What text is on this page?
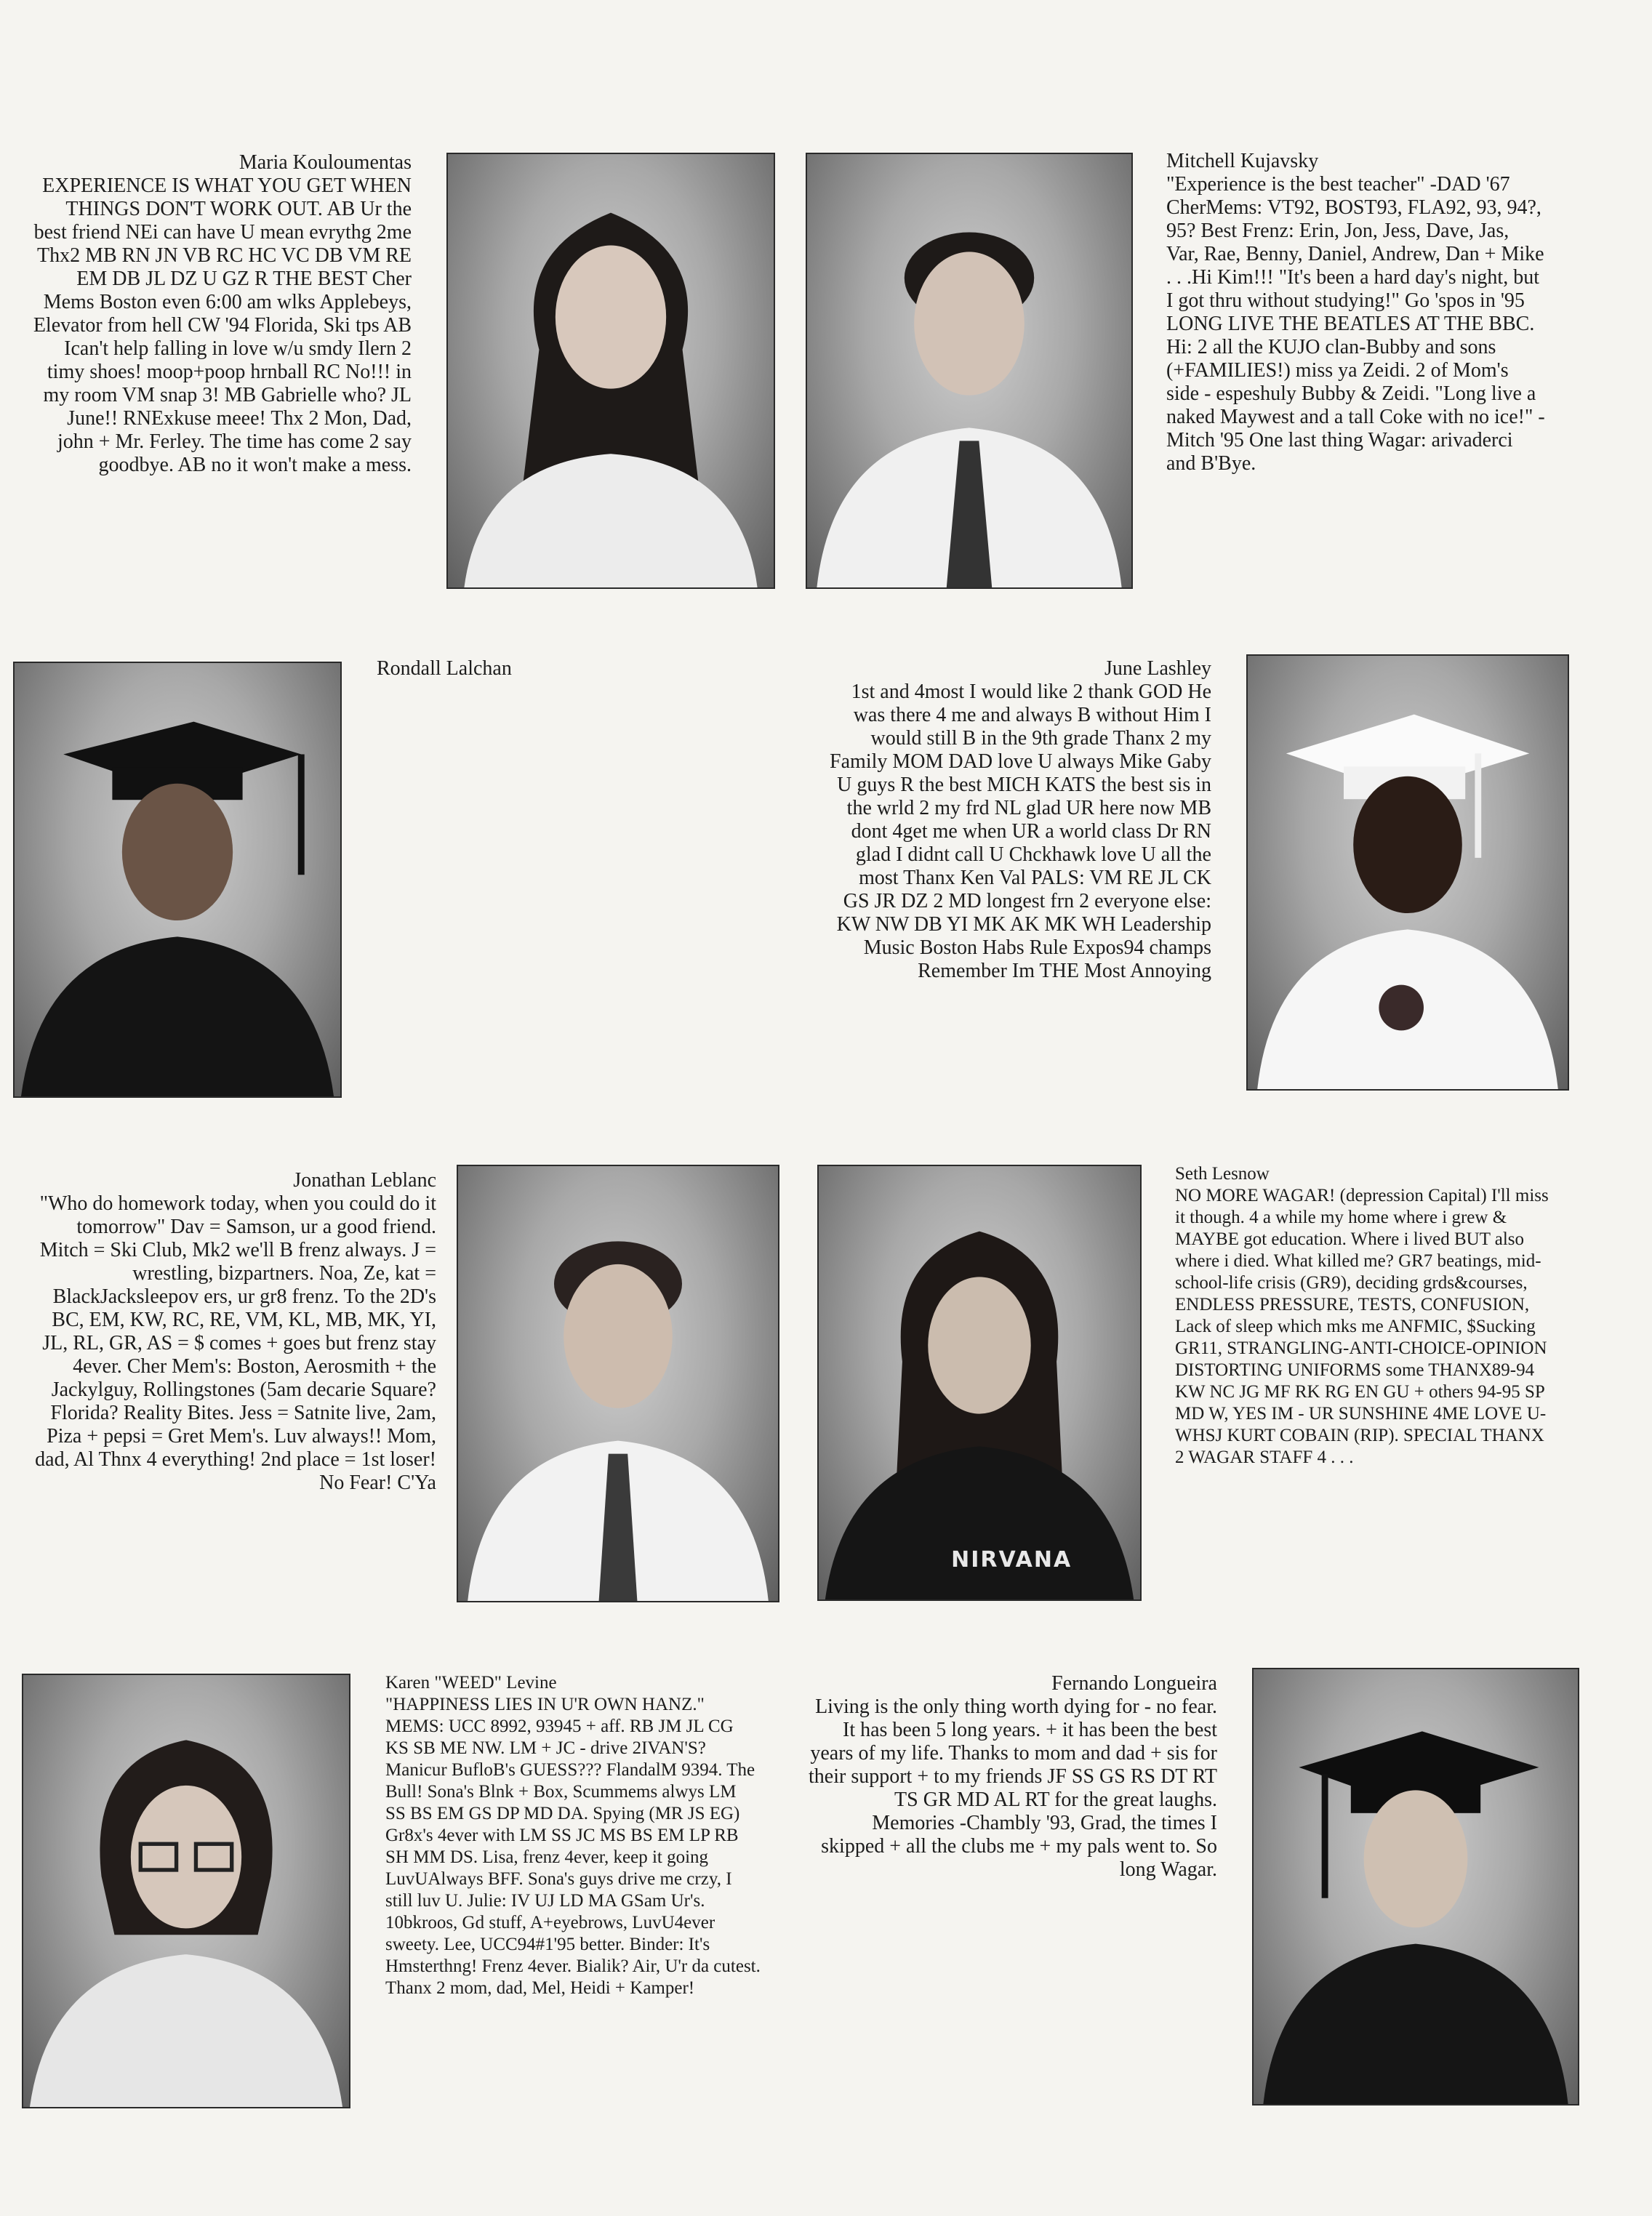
Maria Kouloumentas
EXPERIENCE IS WHAT YOU GET WHEN THINGS DON'T WORK OUT. AB Ur the best friend NEi can have U mean evrythg 2me Thx2 MB RN JN VB RC HC VC DB VM RE EM DB JL DZ U GZ R THE BEST Cher Mems Boston even 6:00 am wlks Applebeys, Elevator from hell CW '94 Florida, Ski tps AB Ican't help falling in love w/u smdy Ilern 2 timy shoes! moop+poop hrnball RC No!!! in my room VM snap 3! MB Gabrielle who? JL June!! RNExkuse meee! Thx 2 Mon, Dad, john + Mr. Ferley. The time has come 2 say goodbye. AB no it won't make a mess.
Mitchell Kujavsky
"Experience is the best teacher" -DAD '67 CherMems: VT92, BOST93, FLA92, 93, 94?, 95? Best Frenz: Erin, Jon, Jess, Dave, Jas, Var, Rae, Benny, Daniel, Andrew, Dan + Mike . . .Hi Kim!!! "It's been a hard day's night, but I got thru without studying!" Go 'spos in '95 LONG LIVE THE BEATLES AT THE BBC. Hi: 2 all the KUJO clan-Bubby and sons (+FAMILIES!) miss ya Zeidi. 2 of Mom's side - espeshuly Bubby & Zeidi. "Long live a naked Maywest and a tall Coke with no ice!" - Mitch '95 One last thing Wagar: arivaderci and B'Bye.
Rondall Lalchan	June Lashley
1st and 4most I would like 2 thank GOD He was there 4 me and always B without Him I would still B in the 9th grade Thanx 2 my Family MOM DAD love U always Mike Gaby U guys R the best MICH KATS the best sis in the wrld 2 my frd NL glad UR here now MB dont 4get me when UR a world class Dr RN glad I didnt call U Chckhawk love U all the most Thanx Ken Val PALS: VM RE JL CK GS JR DZ 2 MD longest frn 2 everyone else: KW NW DB YI MK AK MK WH Leadership Music Boston Habs Rule Expos94 champs Remember Im THE Most Annoying
Jonathan Leblanc
"Who do homework today, when you could do it tomorrow" Dav = Samson, ur a good friend. Mitch = Ski Club, Mk2 we'll B frenz always. J = wrestling, bizpartners. Noa, Ze, kat = BlackJacksleepov ers, ur gr8 frenz. To the 2D's BC, EM, KW, RC, RE, VM, KL, MB, MK, YI, JL, RL, GR, AS = $ comes + goes but frenz stay 4ever. Cher Mem's: Boston, Aerosmith + the Jackylguy, Rollingstones (5am decarie Square? Florida? Reality Bites. Jess = Satnite live, 2am, Piza + pepsi = Gret Mem's. Luv always!! Mom, dad, Al Thnx 4 everything! 2nd place = 1st loser! No Fear! C'Ya
NIRVANA
Seth Lesnow
NO MORE WAGAR! (depression Capital) I'll miss it though. 4 a while my home where i grew & MAYBE got education. Where i lived BUT also where i died. What killed me? GR7 beatings, mid-school-life crisis (GR9), deciding grds&courses, ENDLESS PRESSURE, TESTS, CONFUSION, Lack of sleep which mks me ANFMIC, $Sucking GR11, STRANGLING-ANTI-CHOICE-OPINION DISTORTING UNIFORMS some THANX89-94 KW NC JG MF RK RG EN GU + others 94-95 SP MD W, YES IM - UR SUNSHINE 4ME LOVE U-WHSJ KURT COBAIN (RIP). SPECIAL THANX 2 WAGAR STAFF 4 . . .
Karen "WEED" Levine
"HAPPINESS LIES IN U'R OWN HANZ." MEMS: UCC 8992, 93945 + aff. RB JM JL CG KS SB ME NW. LM + JC - drive 2IVAN'S? Manicur BufloB's GUESS??? FlandalM 9394. The Bull! Sona's Blnk + Box, Scummems alwys LM SS BS EM GS DP MD DA. Spying (MR JS EG) Gr8x's 4ever with LM SS JC MS BS EM LP RB SH MM DS. Lisa, frenz 4ever, keep it going LuvUAlways BFF. Sona's guys drive me crzy, I still luv U. Julie: IV UJ LD MA GSam Ur's. 10bkroos, Gd stuff, A+eyebrows, LuvU4ever sweety. Lee, UCC94#1'95 better. Binder: It's Hmsterthng! Frenz 4ever. Bialik? Air, U'r da cutest. Thanx 2 mom, dad, Mel, Heidi + Kamper!
Fernando Longueira
Living is the only thing worth dying for - no fear. It has been 5 long years. + it has been the best years of my life. Thanks to mom and dad + sis for their support + to my friends JF SS GS RS DT RT TS GR MD AL RT for the great laughs. Memories -Chambly '93, Grad, the times I skipped + all the clubs me + my pals went to. So long Wagar.
